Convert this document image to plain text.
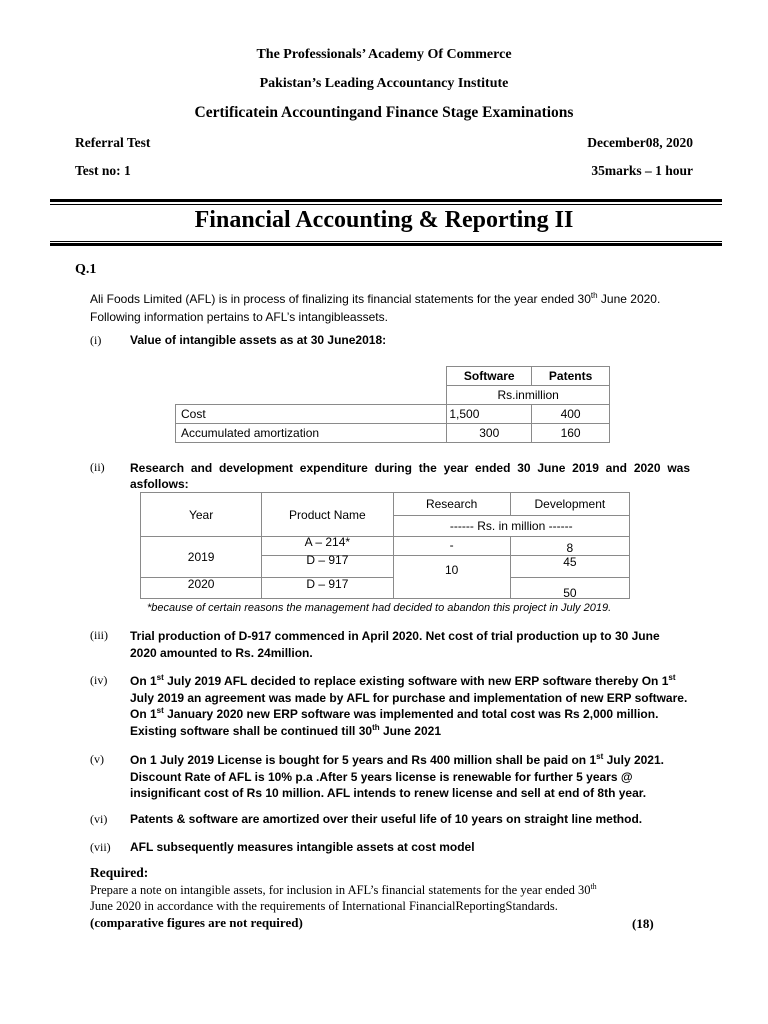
The Professionals’ Academy Of Commerce
Pakistan’s Leading Accountancy Institute
Certificatein Accountingand Finance Stage Examinations
Referral Test	December08, 2020
Test no: 1	35marks – 1 hour
Financial Accounting & Reporting II
Q.1
Ali Foods Limited (AFL) is in process of finalizing its financial statements for the year ended 30th June 2020.
Following information pertains to AFL’s intangibleassets.
(i) Value of intangible assets as at 30 June2018:
	Software	Patents
	Rs.inmillion	
Cost	1,500	400
Accumulated amortization	300	160
(ii) Research and development expenditure during the year ended 30 June 2019 and 2020 was asfollows:
Year	Product Name	Research	Development
		------ Rs. in million ------	
2019	A – 214*	-	8
	D – 917	10	45
2020	D – 917		50
*because of certain reasons the management had decided to abandon this project in July 2019.
(iii) Trial production of D-917 commenced in April 2020. Net cost of trial production up to 30 June 2020 amounted to Rs. 24million.
(iv) On 1st July 2019 AFL decided to replace existing software with new ERP software thereby On 1st
July 2019 an agreement was made by AFL for purchase and implementation of new ERP software.
On 1st January 2020 new ERP software was implemented and total cost was Rs 2,000 million.
Existing software shall be continued till 30th June 2021
(v) On 1 July 2019 License is bought for 5 years and Rs 400 million shall be paid on 1st July 2021.
Discount Rate of AFL is 10% p.a .After 5 years license is renewable for further 5 years @
insignificant cost of Rs 10 million. AFL intends to renew license and sell at end of 8th year.
(vi) Patents & software are amortized over their useful life of 10 years on straight line method.
(vii) AFL subsequently measures intangible assets at cost model
Required:
Prepare a note on intangible assets, for inclusion in AFL’s financial statements for the year ended 30th
June 2020 in accordance with the requirements of International FinancialReportingStandards.
(comparative figures are not required)	(18)
